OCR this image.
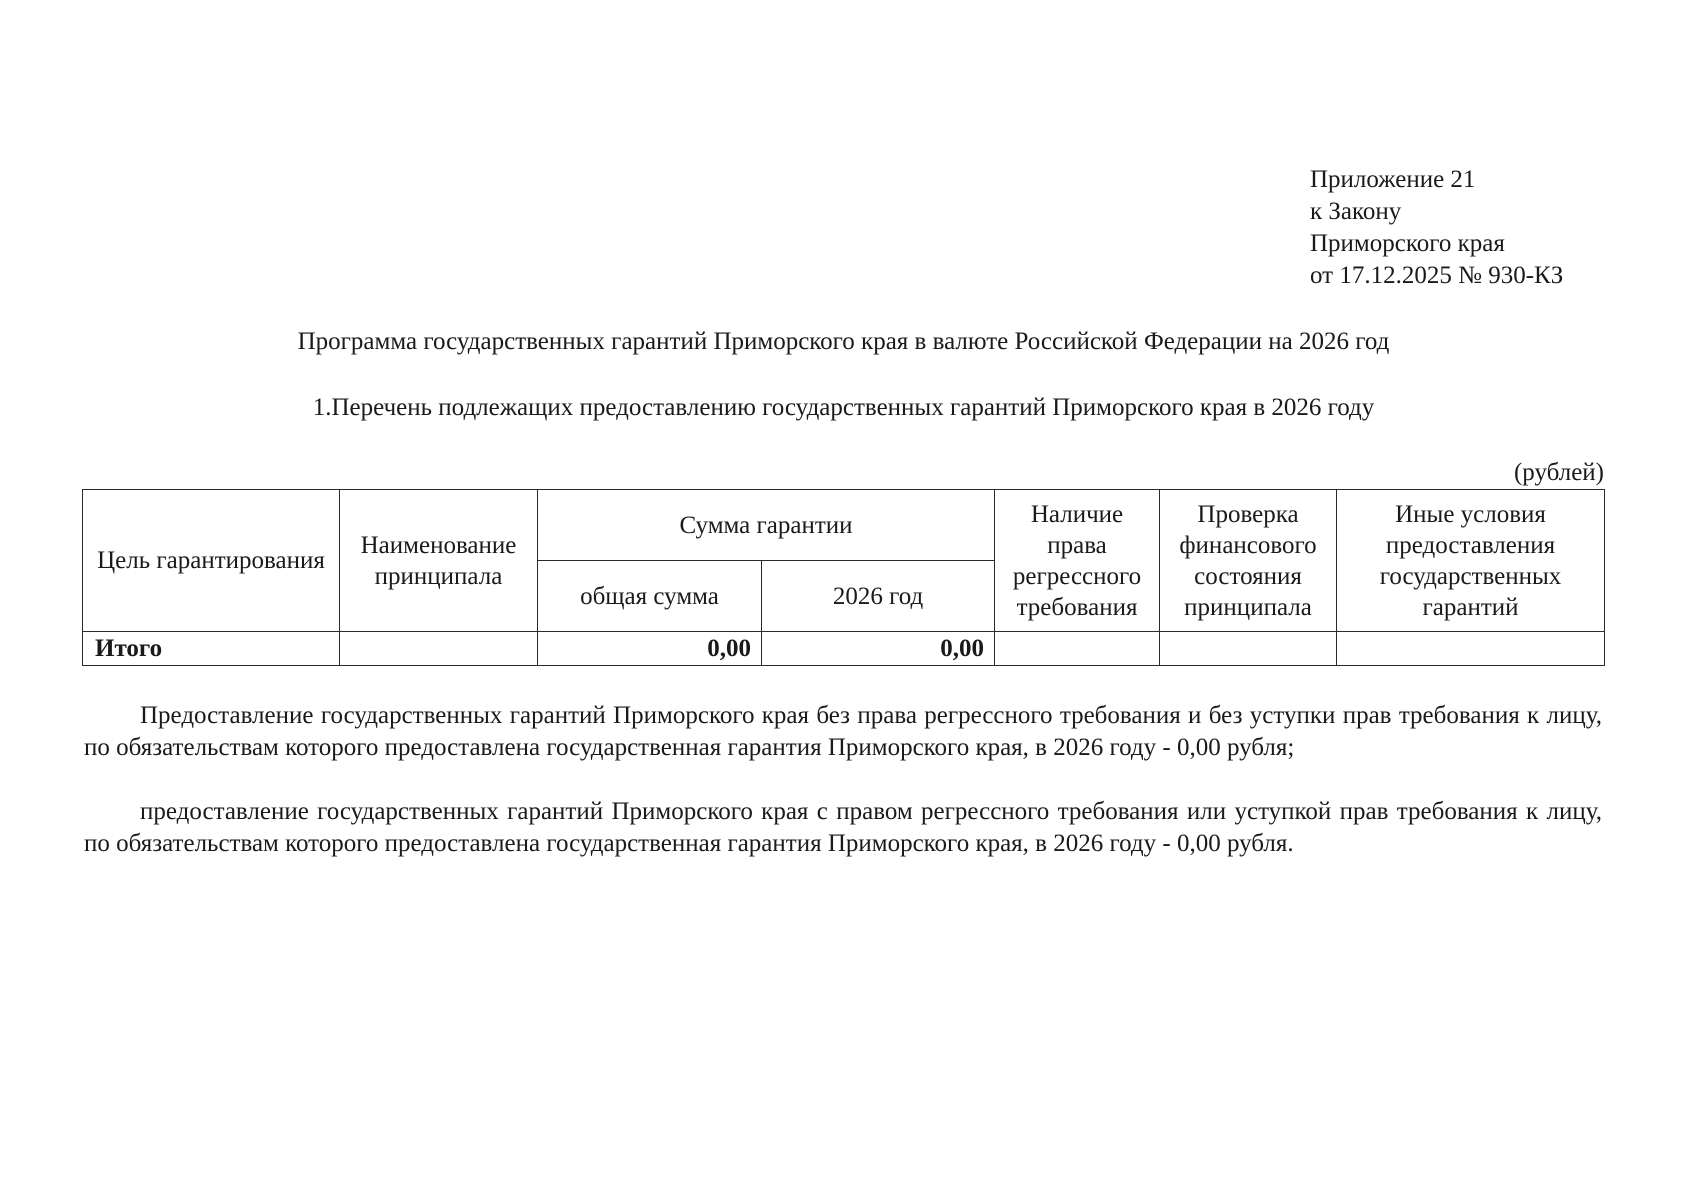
Приложение 21
к Закону
Приморского края
от 17.12.2025 № 930-КЗ
Программа государственных гарантий Приморского края в валюте Российской Федерации на 2026 год
1.Перечень подлежащих предоставлению государственных гарантий Приморского края в 2026 году
(рублей)
Цель гарантирования	Наименование принципала	Сумма гарантии		Наличие права регрессного требования	Проверка финансового состояния принципала	Иные условия предоставления государственных гарантий
		общая сумма	2026 год			
Итого		0,00	0,00			

Предоставление государственных гарантий Приморского края без права регрессного требования и без уступки прав требования к лицу, по обязательствам которого предоставлена государственная гарантия Приморского края, в 2026 году - 0,00 рубля;

предоставление государственных гарантий Приморского края с правом регрессного требования или уступкой прав требования к лицу, по обязательствам которого предоставлена государственная гарантия Приморского края, в 2026 году - 0,00 рубля.
